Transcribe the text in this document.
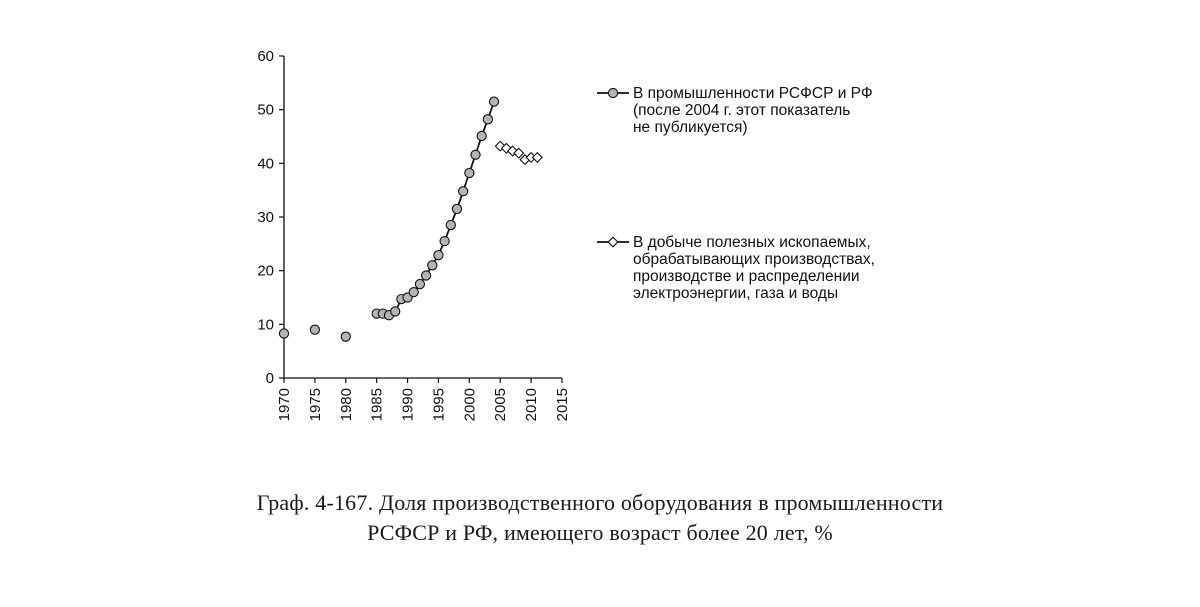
0
10
20
30
40
50
60
1970 1975 1980 1985 1990 1995 2000 2005 2010 2015
В промышленности РСФСР и РФ
(после 2004 г. этот показатель
не публикуется)
В добыче полезных ископаемых,
обрабатывающих производствах,
производстве и распределении
электроэнергии, газа и воды
Граф. 4-167. Доля производственного оборудования в промышленности
РСФСР и РФ, имеющего возраст более 20 лет, %
